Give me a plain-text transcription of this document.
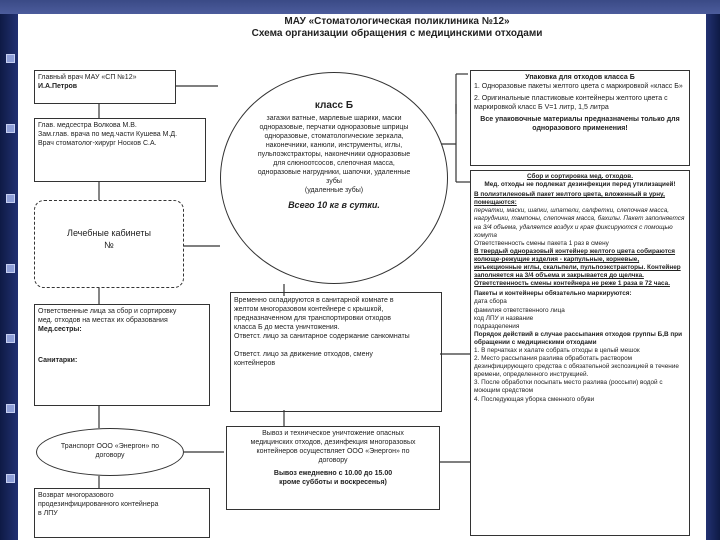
МАУ «Стоматологическая поликлиника №12»
Схема организации обращения с медицинскими отходами

Главный врач МАУ «СП №12»

И.А.Петров

Глав. медсестра Волкова М.В.

Зам.глав. врача по мед.части Кушева М.Д.

Врач стоматолог-хирург Носков С.А.

Лечебные кабинеты

№

Ответственные лица за сбор и сортировку

мед. отходов на местах их образования

Мед.сестры:

Санитарки:

Транспорт ООО «Энергон» по

договору

Возврат многоразового

продезинфицированного контейнера

в ЛПУ

класс Б

загазки ватные, марлевые шарики, маски одноразовые, перчатки одноразовые шприцы одноразовые, стоматологические зеркала, наконечники, канюли, инструменты, иглы, пульпоэкстракторы, наконечники одноразовые для слюноотсосов, слепочная масса, одноразовые нагрудники, шапочки, удаленные зубы

(удаленные зубы)

Всего 10 кг в сутки.

Временно складируются в санитарной комнате в

желтом многоразовом контейнере с крышкой,

предназначенном для транспортировки отходов

класса Б до места уничтожения.

Ответст. лицо за санитарное содержание санкомнаты

Ответст. лицо за движение отходов, смену

контейнеров

Вывоз и техническое уничтожение опасных

медицинских отходов, дезинфекция многоразовых

контейнеров осуществляет ООО «Энергон» по

договору

Вывоз ежедневно с 10.00 до 15.00

кроме субботы и воскресенья)

Упаковка для отходов класса Б

1. Одноразовые пакеты желтого цвета с маркировкой «класс Б»

2. Оригинальные пластиковые контейнеры желтого цвета с маркировкой класс Б V=1 литр, 1,5 литра

Все упаковочные материалы предназначены только для одноразового применения!

Сбор и сортировка мед. отходов.

Мед. отходы не подлежат дезинфекции перед утилизацией!

В полиэтиленовый пакет желтого цвета, вложенный в урну, помещаются:

перчатки, маски, шапки, шпатели, салфетки, слепочная масса, нагрудники, тампоны, слепочная масса, бахилы. Пакет заполняется на 3/4 объема, удаляется воздух и края фиксируются с помощью хомута

Ответственность смены пакета 1 раз в смену

В твердый одноразовый контейнер желтого цвета собираются колюще-режущие изделия - карпульные, корневые, инъекционные иглы, скальпели, пульпоэкстракторы. Контейнер заполняется на 3/4 объема и закрывается до щелчка. Ответственность смены контейнера не реже 1 раза в 72 часа.

Пакеты и контейнеры обязательно маркируются:

дата сбора

фамилия ответственного лица

код ЛПУ и название

подразделения

Порядок действий в случае рассыпания отходов группы Б,В при обращении с медицинскими отходами

1. В перчатках и халате собрать отходы в целый мешок

2. Место рассыпания разлива обработать раствором дезинфицирующего средства с обязательной экспозицией в течение времени, определенного инструкцией.

3. После обработки посыпать место разлива (россыпи) водой с моющим средством

4. Последующая уборка сменного обуви
